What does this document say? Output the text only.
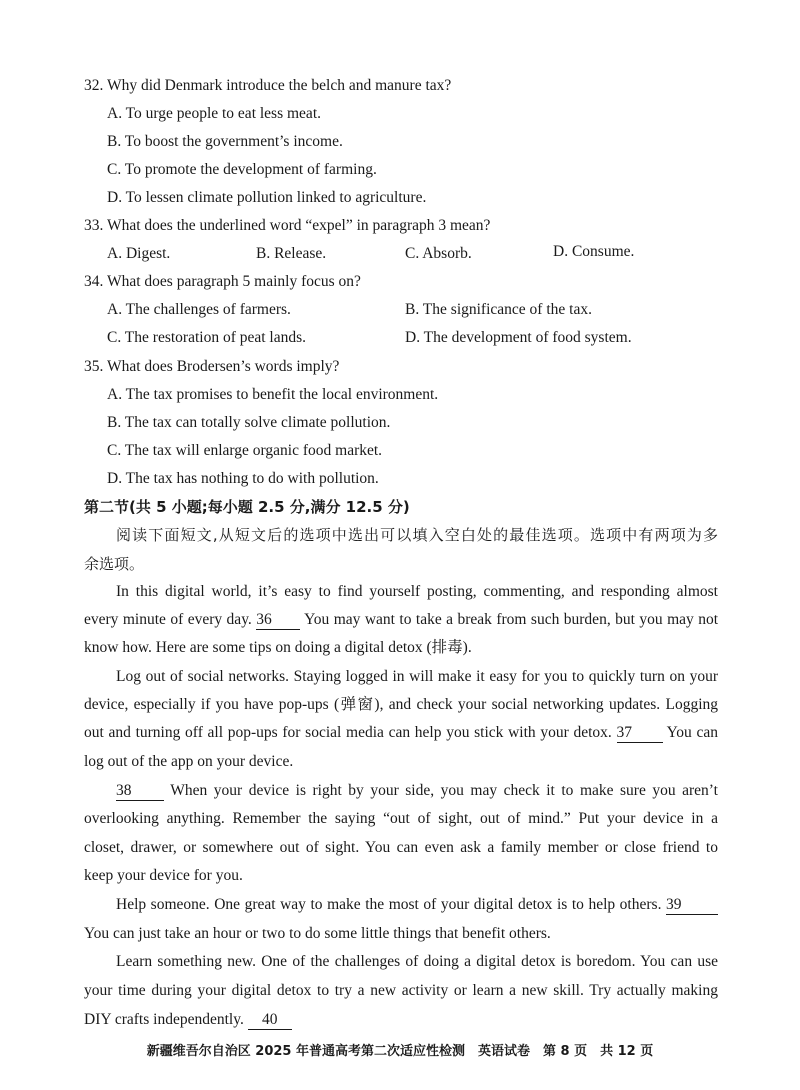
32. Why did Denmark introduce the belch and manure tax?
A. To urge people to eat less meat.
B. To boost the government’s income.
C. To promote the development of farming.
D. To lessen climate pollution linked to agriculture.
33. What does the underlined word “expel” in paragraph 3 mean?
A. Digest.	B. Release.	C. Absorb.	D. Consume.
34. What does paragraph 5 mainly focus on?
A. The challenges of farmers.	B. The significance of the tax.
C. The restoration of peat lands.	D. The development of food system.
35. What does Brodersen’s words imply?
A. The tax promises to benefit the local environment.
B. The tax can totally solve climate pollution.
C. The tax will enlarge organic food market.
D. The tax has nothing to do with pollution.
第二节(共 5 小题;每小题 2.5 分,满分 12.5 分)
阅读下面短文,从短文后的选项中选出可以填入空白处的最佳选项。选项中有两项为多
余选项。
In this digital world, it’s easy to find yourself posting, commenting, and responding almost
every minute of every day. 36 You may want to take a break from such burden, but you may not
know how. Here are some tips on doing a digital detox (排毒).
Log out of social networks. Staying logged in will make it easy for you to quickly turn on your
device, especially if you have pop-ups (弹窗), and check your social networking updates. Logging
out and turning off all pop-ups for social media can help you stick with your detox. 37 You can
log out of the app on your device.
38	When your device is right by your side, you may check it to make sure you aren’t
overlooking anything. Remember the saying “out of sight, out of mind.” Put your device in a
closet, drawer, or somewhere out of sight. You can even ask a family member or close friend to
keep your device for you.
Help someone. One great way to make the most of your digital detox is to help others. 39
You can just take an hour or two to do some little things that benefit others.
Learn something new. One of the challenges of doing a digital detox is boredom. You can use
your time during your digital detox to try a new activity or learn a new skill. Try actually making
DIY crafts independently. 40
新疆维吾尔自治区 2025 年普通高考第二次适应性检测　英语试卷　第 8 页　共 12 页
